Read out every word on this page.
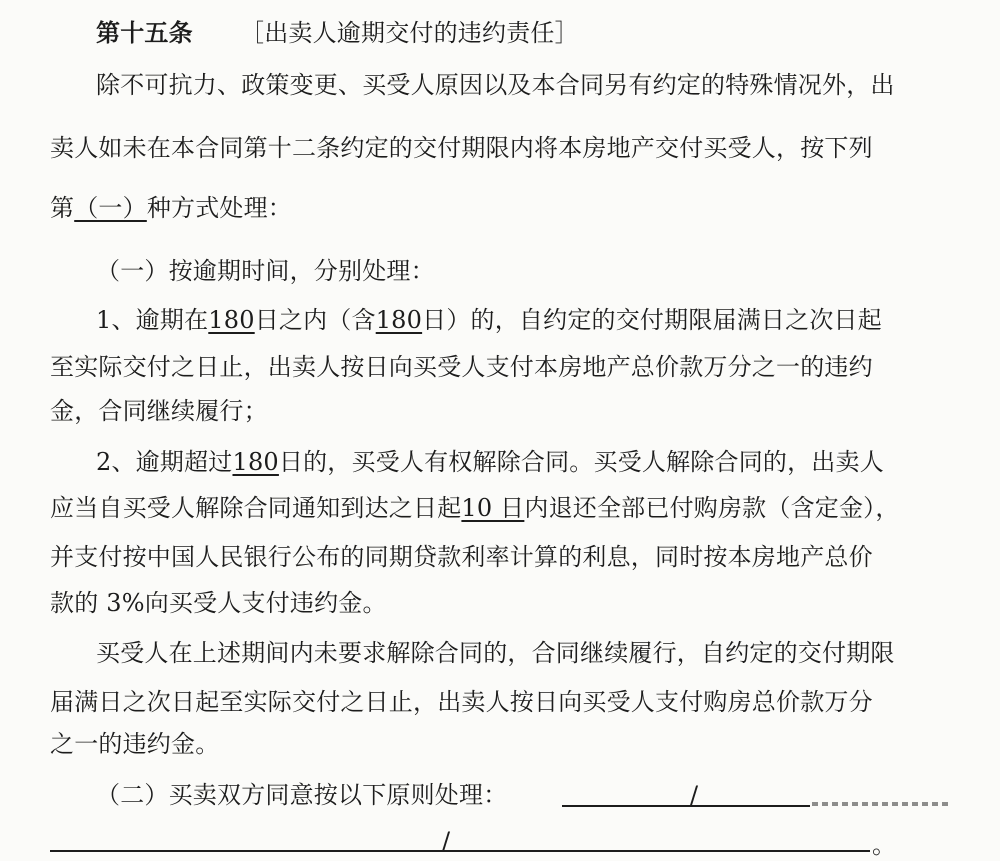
第十五条 ［出卖人逾期交付的违约责任］
除不可抗力、政策变更、买受人原因以及本合同另有约定的特殊情况外，出
卖人如未在本合同第十二条约定的交付期限内将本房地产交付买受人，按下列
第（一）种方式处理：
（一）按逾期时间，分别处理：
1、逾期在180日之内（含180日）的，自约定的交付期限届满日之次日起
至实际交付之日止，出卖人按日向买受人支付本房地产总价款万分之一的违约
金，合同继续履行；
2、逾期超过180日的，买受人有权解除合同。买受人解除合同的，出卖人
应当自买受人解除合同通知到达之日起10 日内退还全部已付购房款（含定金），
并支付按中国人民银行公布的同期贷款利率计算的利息，同时按本房地产总价
款的 3%向买受人支付违约金。
买受人在上述期间内未要求解除合同的，合同继续履行，自约定的交付期限
届满日之次日起至实际交付之日止，出卖人按日向买受人支付购房总价款万分
之一的违约金。
（二）买卖双方同意按以下原则处理：	/
/	。
